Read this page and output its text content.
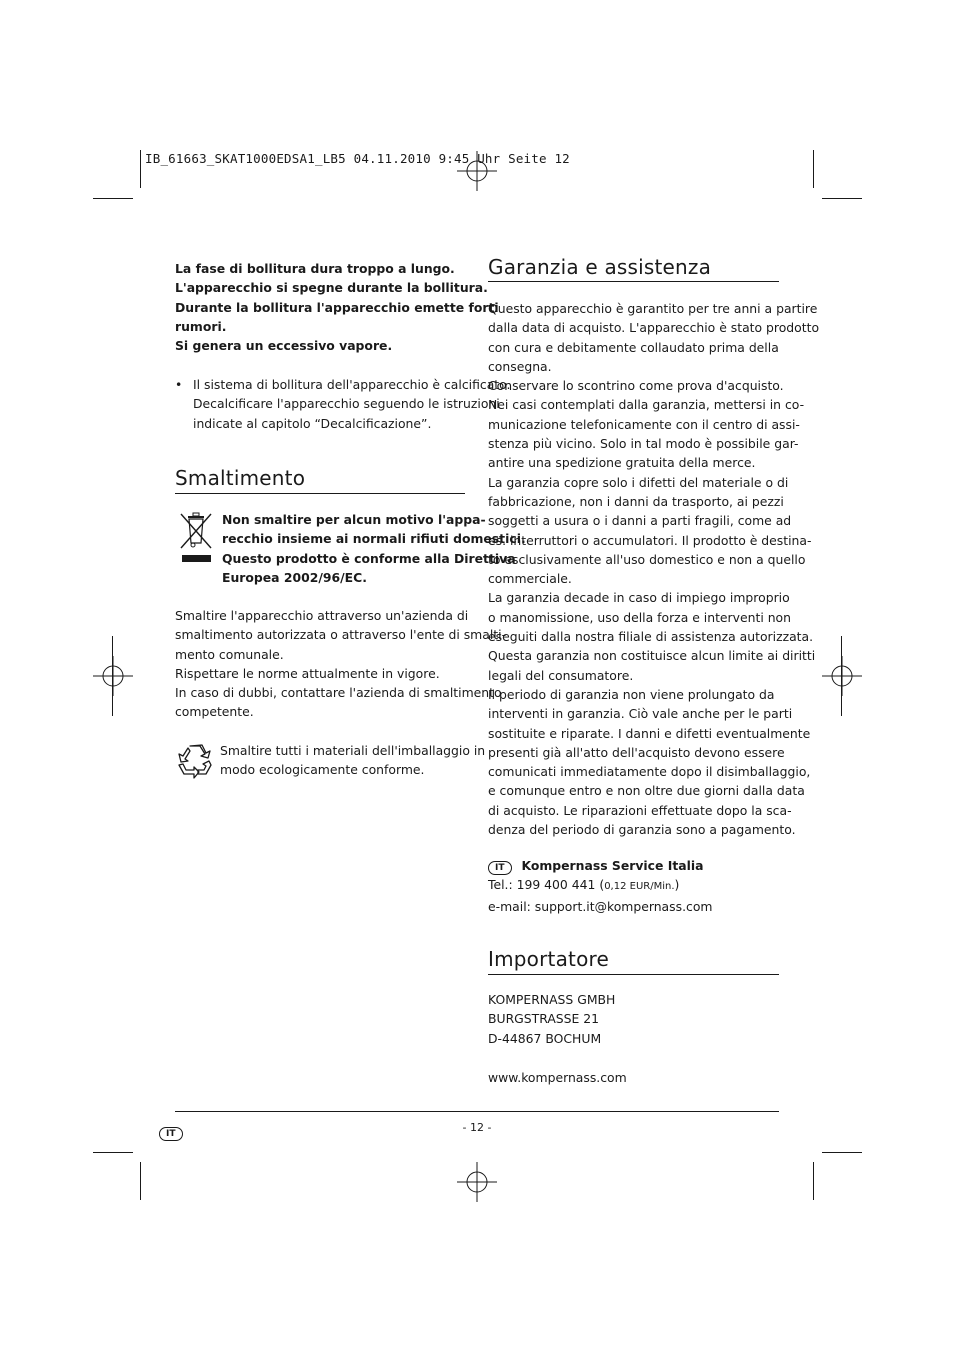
IB_61663_SKAT1000EDSA1_LB5 04.11.2010 9:45 Uhr Seite 12
La fase di bollitura dura troppo a lungo.
L'apparecchio si spegne durante la bollitura.
Durante la bollitura l'apparecchio emette forti
rumori.
Si genera un eccessivo vapore.
• Il sistema di bollitura dell'apparecchio è calcificato.
Decalcificare l'apparecchio seguendo le istruzioni
indicate al capitolo “Decalcificazione”.
Smaltimento
Non smaltire per alcun motivo l'appa-
recchio insieme ai normali rifiuti domestici.
Questo prodotto è conforme alla Direttiva
Europea 2002/96/EC.
Smaltire l'apparecchio attraverso un'azienda di
smaltimento autorizzata o attraverso l'ente di smalti-
mento comunale.
Rispettare le norme attualmente in vigore.
In caso di dubbi, contattare l'azienda di smaltimento
competente.
Smaltire tutti i materiali dell'imballaggio in
modo ecologicamente conforme.
Garanzia e assistenza
Questo apparecchio è garantito per tre anni a partire
dalla data di acquisto. L'apparecchio è stato prodotto
con cura e debitamente collaudato prima della
consegna.
Conservare lo scontrino come prova d'acquisto.
Nei casi contemplati dalla garanzia, mettersi in co-
municazione telefonicamente con il centro di assi-
stenza più vicino. Solo in tal modo è possibile gar-
antire una spedizione gratuita della merce.
La garanzia copre solo i difetti del materiale o di
fabbricazione, non i danni da trasporto, ai pezzi
soggetti a usura o i danni a parti fragili, come ad
es. interruttori o accumulatori. Il prodotto è destina-
to esclusivamente all'uso domestico e non a quello
commerciale.
La garanzia decade in caso di impiego improprio
o manomissione, uso della forza e interventi non
eseguiti dalla nostra filiale di assistenza autorizzata.
Questa garanzia non costituisce alcun limite ai diritti
legali del consumatore.
Il periodo di garanzia non viene prolungato da
interventi in garanzia. Ciò vale anche per le parti
sostituite e riparate. I danni e difetti eventualmente
presenti già all'atto dell'acquisto devono essere
comunicati immediatamente dopo il disimballaggio,
e comunque entro e non oltre due giorni dalla data
di acquisto. Le riparazioni effettuate dopo la sca-
denza del periodo di garanzia sono a pagamento.
IT Kompernass Service Italia
Tel.: 199 400 441 (0,12 EUR/Min.)
e-mail: support.it@kompernass.com
Importatore
KOMPERNASS GMBH
BURGSTRASSE 21
D-44867 BOCHUM
www.kompernass.com
IT	- 12 -
